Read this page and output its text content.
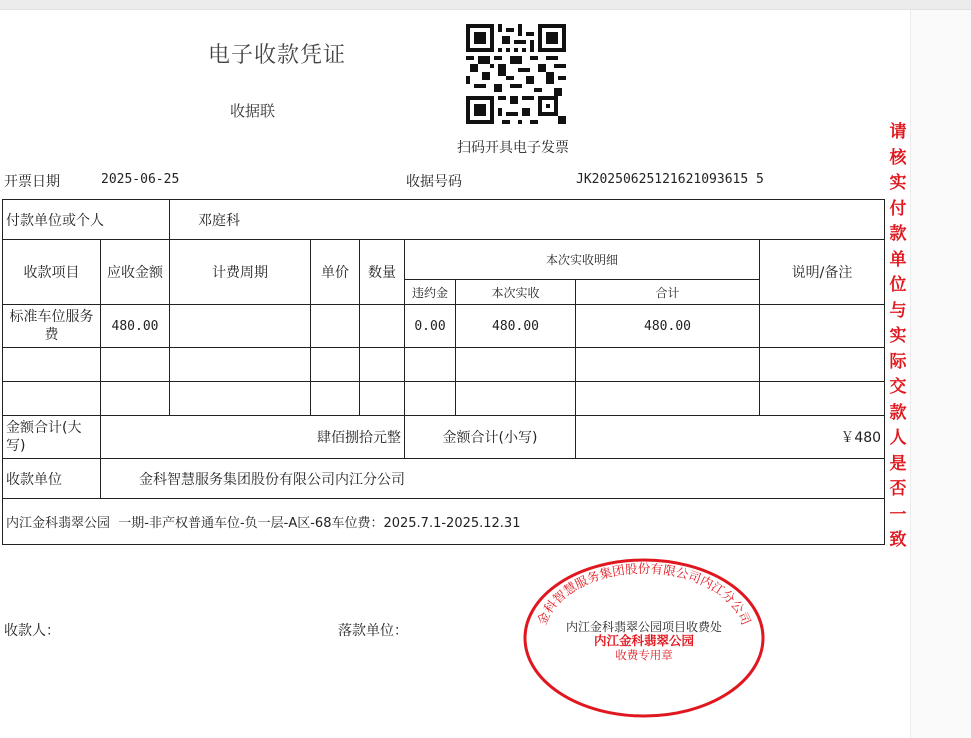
电子收款凭证
收据联
扫码开具电子发票
开票日期	2025-06-25	收据号码	JK20250625121621093615 5
付款单位或个人		邓庭科						
收款项目	应收金额	计费周期	单价	数量	本次实收明细			说明/备注
					违约金	本次实收	合计	
标准车位服务费	480.00				0.00	480.00	480.00	

金额合计(大写)	肆佰捌拾元整				金额合计(小写)		￥480	
收款单位	金科智慧服务集团股份有限公司内江分公司							
内江金科翡翠公园  一期-非产权普通车位-负一层-A区-68车位费：2025.7.1-2025.12.31								
收款人：	落款单位：
金科智慧服务集团股份有限公司内江分公司
内江金科翡翠公园项目收费处
内江金科翡翠公园
收费专用章
请核实付款单位与实际交款人是否一致
